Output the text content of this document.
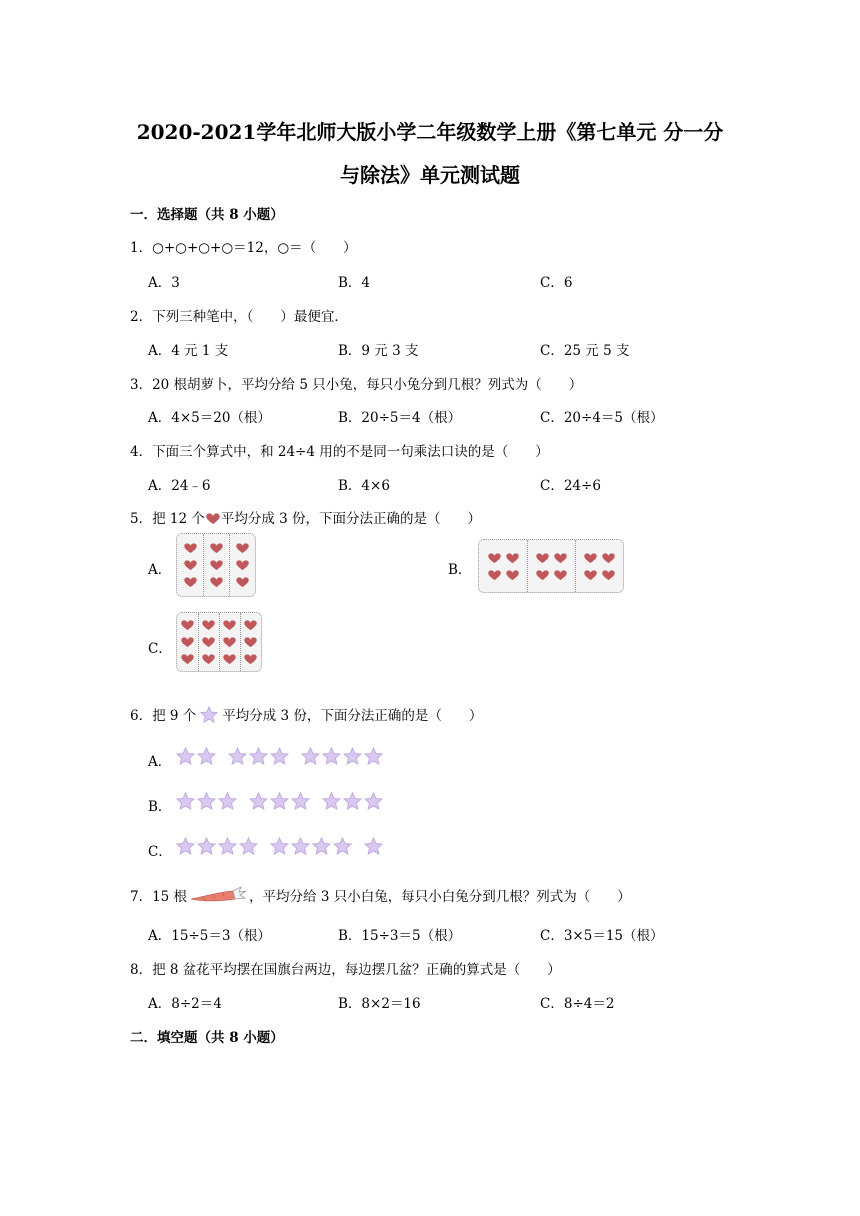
2020-2021学年北师大版小学二年级数学上册《第七单元 分一分
与除法》单元测试题
一．选择题（共 8 小题）
1．○+○+○+○＝12，○＝（　　）
A．3	B．4	C．6
2．下列三种笔中，（　　）最便宜．
A．4 元 1 支	B．9 元 3 支	C．25 元 5 支
3．20 根胡萝卜，平均分给 5 只小兔，每只小兔分到几根？列式为（　　）
A．4×5＝20（根）	B．20÷5＝4（根）	C．20÷4＝5（根）
4．下面三个算式中，和 24÷4 用的不是同一句乘法口诀的是（　　）
A．24﹣6	B．4×6	C．24÷6
5．把 12 个 平均分成 3 份，下面分法正确的是（　　）
A．	B．
C．
6．把 9 个 平均分成 3 份，下面分法正确的是（　　）
A．
B．
C．
7．15 根	，平均分给 3 只小白兔，每只小白兔分到几根？列式为（　　）
A．15÷5＝3（根）	B．15÷3＝5（根）	C．3×5＝15（根）
8．把 8 盆花平均摆在国旗台两边，每边摆几盆？正确的算式是（　　）
A．8÷2＝4	B．8×2＝16	C．8÷4＝2
二．填空题（共 8 小题）
